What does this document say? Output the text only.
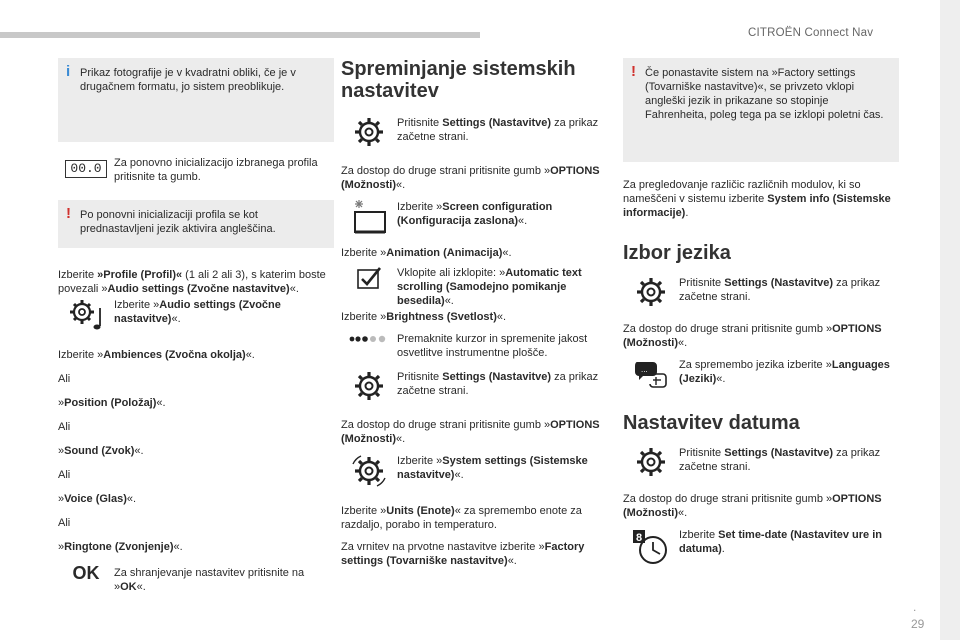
CITROËN Connect Nav
.
29
i Prikaz fotografije je v kvadratni obliki, če je v drugačnem formatu, jo sistem preoblikuje.

00.0	Za ponovno inicializacijo izbranega profila pritisnite ta gumb.

! Po ponovni inicializaciji profila se kot prednastavljeni jezik aktivira angleščina.

Izberite »Profile (Profil)« (1 ali 2 ali 3), s katerim boste povezali »Audio settings (Zvočne nastavitve)«.

Izberite »Audio settings (Zvočne nastavitve)«.

Izberite »Ambiences (Zvočna okolja)«.

Ali

»Position (Položaj)«.

Ali

»Sound (Zvok)«.

Ali

»Voice (Glas)«.

Ali

»Ringtone (Zvonjenje)«.

OK Za shranjevanje nastavitev pritisnite na »OK«.

Spreminjanje sistemskih nastavitev

Pritisnite Settings (Nastavitve) za prikaz začetne strani.

Za dostop do druge strani pritisnite gumb »OPTIONS (Možnosti)«.

Izberite »Screen configuration (Konfiguracija zaslona)«.

Izberite »Animation (Animacija)«.

Vklopite ali izklopite: »Automatic text scrolling (Samodejno pomikanje besedila)«.

Izberite »Brightness (Svetlost)«.

Premaknite kurzor in spremenite jakost osvetlitve instrumentne plošče.

Pritisnite Settings (Nastavitve) za prikaz začetne strani.

Za dostop do druge strani pritisnite gumb »OPTIONS (Možnosti)«.

Izberite »System settings (Sistemske nastavitve)«.

Izberite »Units (Enote)« za spremembo enote za razdaljo, porabo in temperaturo.

Za vrnitev na prvotne nastavitve izberite »Factory settings (Tovarniške nastavitve)«.

! Če ponastavite sistem na »Factory settings (Tovarniške nastavitve)«, se privzeto vklopi angleški jezik in prikazane so stopinje Fahrenheita, poleg tega pa se izklopi poletni čas.

Za pregledovanje različic različnih modulov, ki so nameščeni v sistemu izberite System info (Sistemske informacije).

Izbor jezika

Pritisnite Settings (Nastavitve) za prikaz začetne strani.

Za dostop do druge strani pritisnite gumb »OPTIONS (Možnosti)«.

...	Za spremembo jezika izberite »Languages (Jeziki)«.

Nastavitev datuma

Pritisnite Settings (Nastavitve) za prikaz začetne strani.

Za dostop do druge strani pritisnite gumb »OPTIONS (Možnosti)«.

8	Izberite Set time-date (Nastavitev ure in datuma).
